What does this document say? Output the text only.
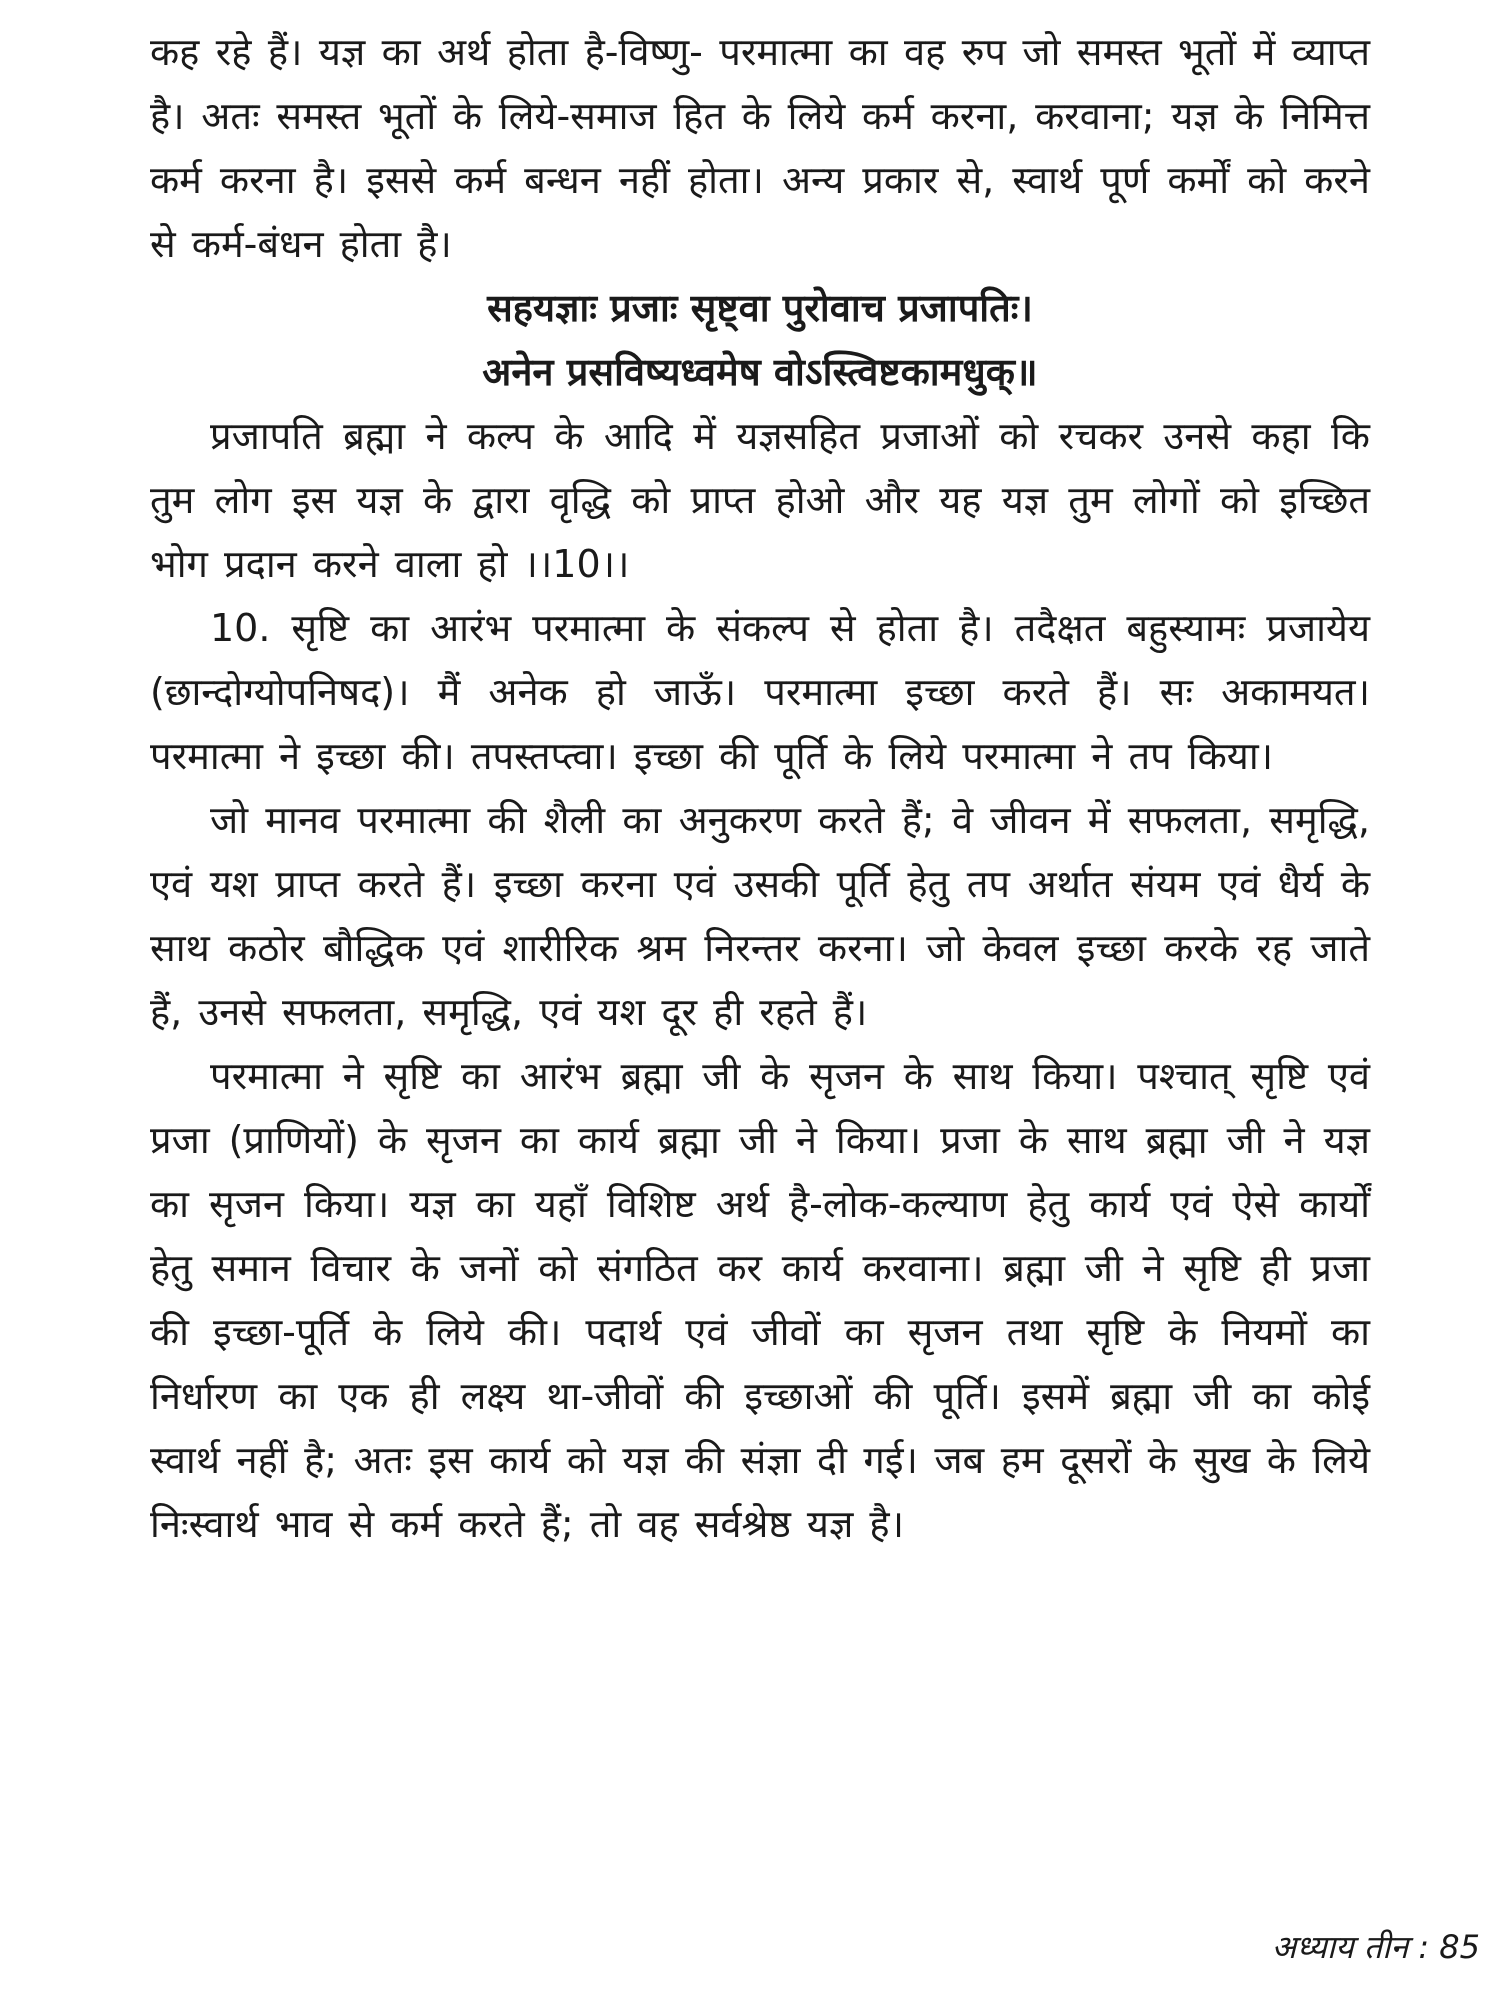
कह रहे हैं। यज्ञ का अर्थ होता है-विष्णु- परमात्मा का वह रुप जो समस्त भूतों में व्याप्त है। अतः समस्त भूतों के लिये-समाज हित के लिये कर्म करना, करवाना; यज्ञ के निमित्त कर्म करना है। इससे कर्म बन्धन नहीं होता। अन्य प्रकार से, स्वार्थ पूर्ण कर्मों को करने से कर्म-बंधन होता है।

सहयज्ञाः प्रजाः सृष्ट्वा पुरोवाच प्रजापतिः।

अनेन प्रसविष्यध्वमेष वोऽस्त्विष्टकामधुक्॥

प्रजापति ब्रह्मा ने कल्प के आदि में यज्ञसहित प्रजाओं को रचकर उनसे कहा कि तुम लोग इस यज्ञ के द्वारा वृद्धि को प्राप्त होओ और यह यज्ञ तुम लोगों को इच्छित भोग प्रदान करने वाला हो ।।10।।

10. सृष्टि का आरंभ परमात्मा के संकल्प से होता है। तदैक्षत बहुस्यामः प्रजायेय (छान्दोग्योपनिषद)। मैं अनेक हो जाऊँ। परमात्मा इच्छा करते हैं। सः अकामयत। परमात्मा ने इच्छा की। तपस्तप्त्वा। इच्छा की पूर्ति के लिये परमात्मा ने तप किया।

जो मानव परमात्मा की शैली का अनुकरण करते हैं; वे जीवन में सफलता, समृद्धि, एवं यश प्राप्त करते हैं। इच्छा करना एवं उसकी पूर्ति हेतु तप अर्थात संयम एवं धैर्य के साथ कठोर बौद्धिक एवं शारीरिक श्रम निरन्तर करना। जो केवल इच्छा करके रह जाते हैं, उनसे सफलता, समृद्धि, एवं यश दूर ही रहते हैं।

परमात्मा ने सृष्टि का आरंभ ब्रह्मा जी के सृजन के साथ किया। पश्चात् सृष्टि एवं प्रजा (प्राणियों) के सृजन का कार्य ब्रह्मा जी ने किया। प्रजा के साथ ब्रह्मा जी ने यज्ञ का सृजन किया। यज्ञ का यहाँ विशिष्ट अर्थ है-लोक-कल्याण हेतु कार्य एवं ऐसे कार्यों हेतु समान विचार के जनों को संगठित कर कार्य करवाना। ब्रह्मा जी ने सृष्टि ही प्रजा की इच्छा-पूर्ति के लिये की। पदार्थ एवं जीवों का सृजन तथा सृष्टि के नियमों का निर्धारण का एक ही लक्ष्य था-जीवों की इच्छाओं की पूर्ति। इसमें ब्रह्मा जी का कोई स्वार्थ नहीं है; अतः इस कार्य को यज्ञ की संज्ञा दी गई। जब हम दूसरों के सुख के लिये निःस्वार्थ भाव से कर्म करते हैं; तो वह सर्वश्रेष्ठ यज्ञ है।

अध्याय तीन : 85
